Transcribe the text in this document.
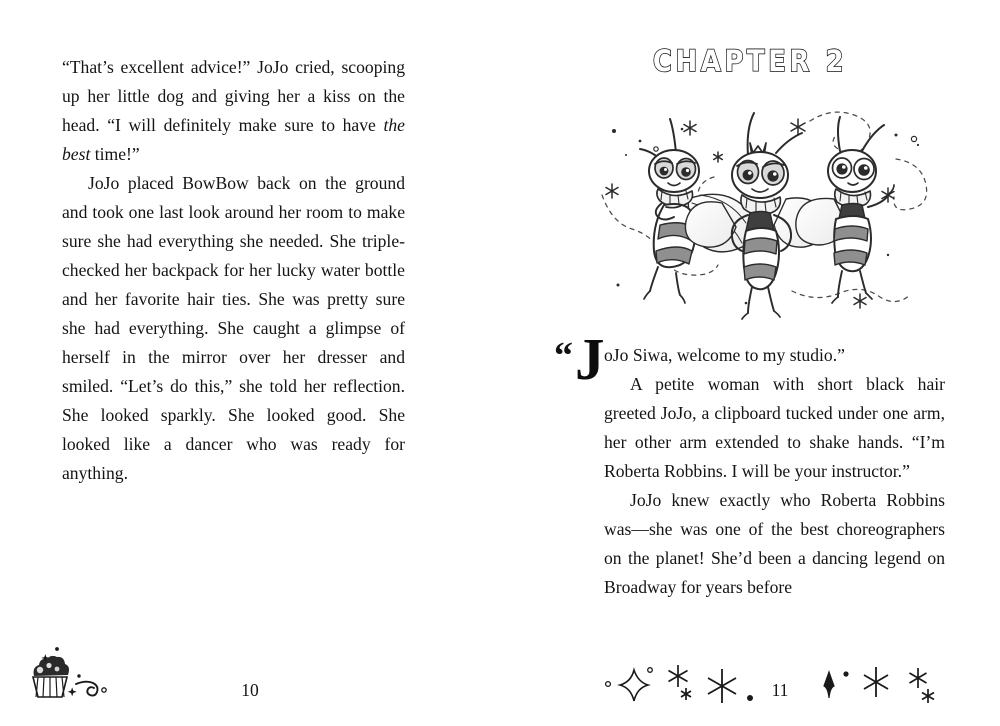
“That’s excellent advice!” JoJo cried, scooping up her little dog and giving her a kiss on the head. “I will definitely make sure to have the best time!”

JoJo placed BowBow back on the ground and took one last look around her room to make sure she had everything she needed. She triple-checked her backpack for her lucky water bottle and her favorite hair ties. She was pretty sure she had everything. She caught a glimpse of herself in the mirror over her dresser and smiled. “Let’s do this,” she told her reflection. She looked sparkly. She looked good. She looked like a dancer who was ready for anything.

10
CHAPTER 2
“ J oJo Siwa, welcome to my studio.”

A petite woman with short black hair greeted JoJo, a clipboard tucked under one arm, her other arm extended to shake hands. “I’m Roberta Robbins. I will be your instructor.”

JoJo knew exactly who Roberta Robbins was—she was one of the best choreographers on the planet! She’d been a dancing legend on Broadway for years before

11
